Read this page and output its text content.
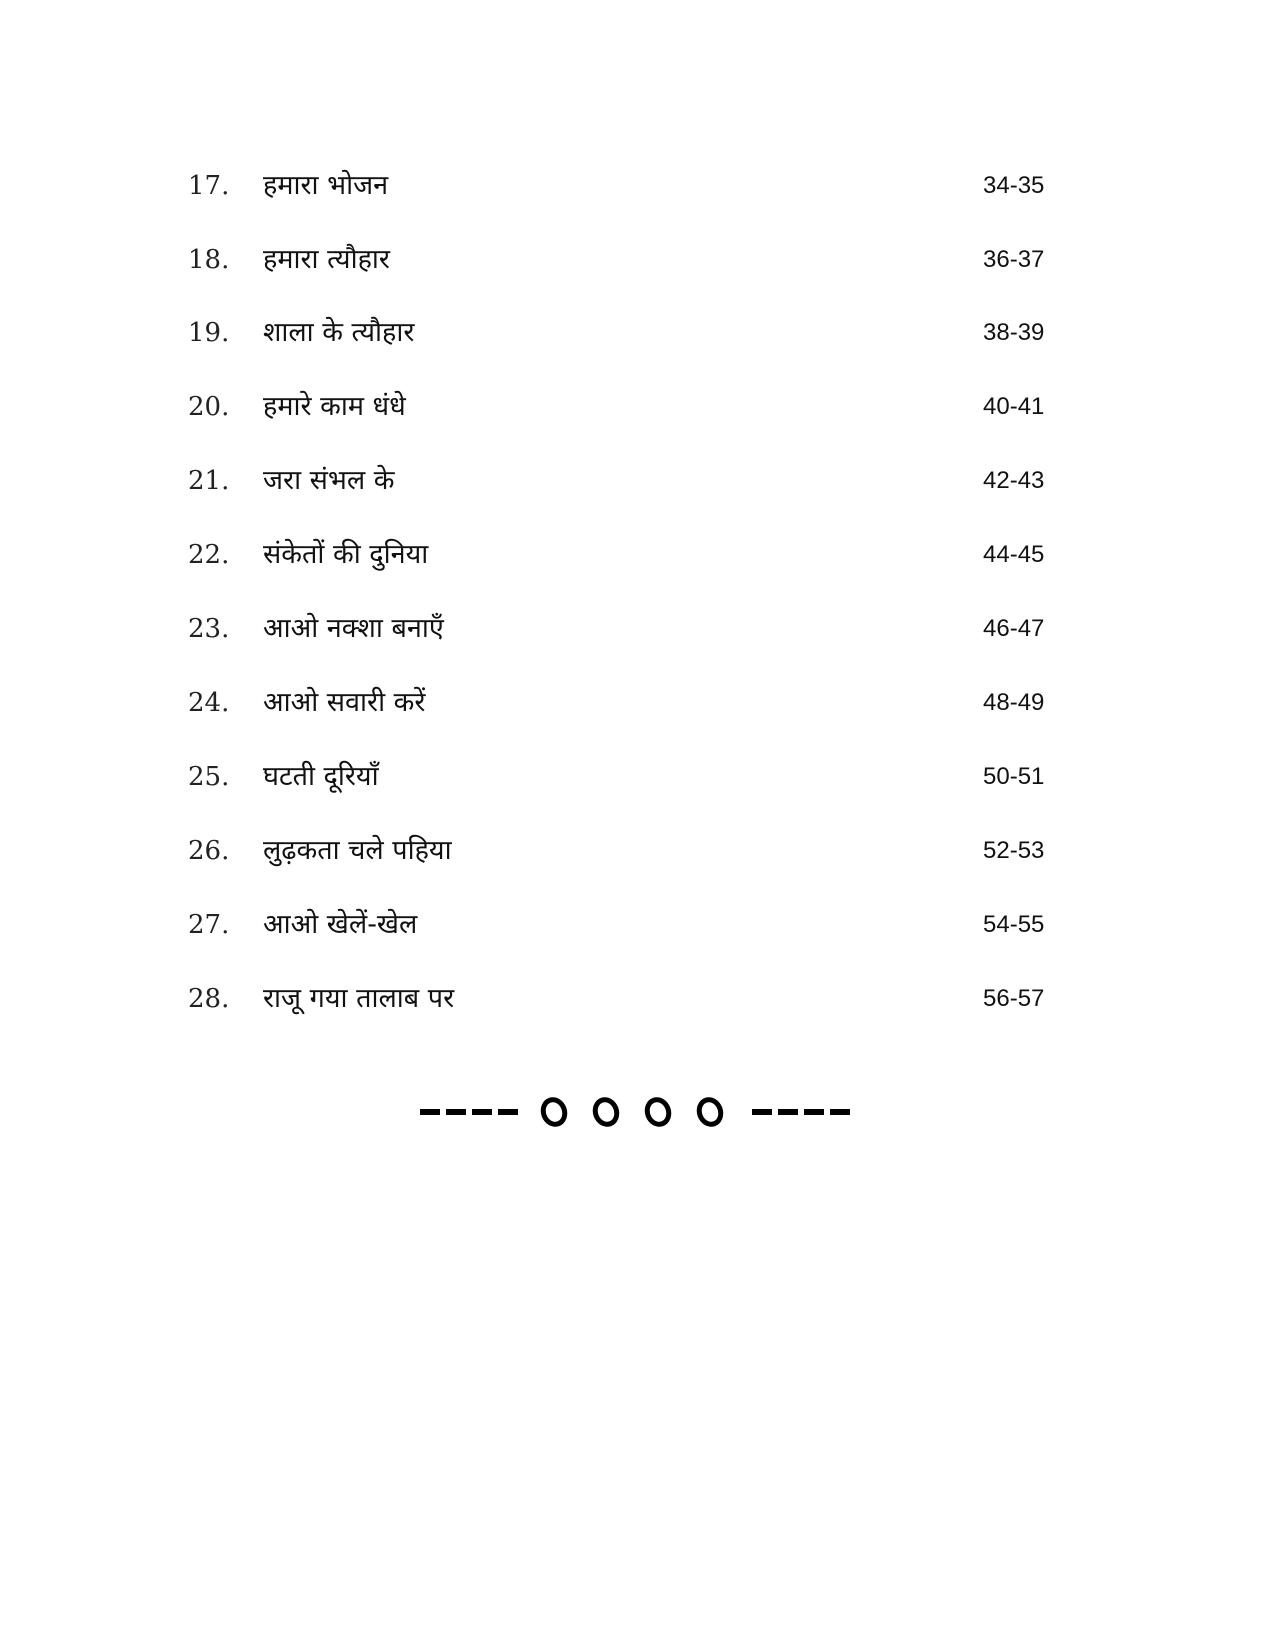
17. हमारा भोजन	34-35
18. हमारा त्यौहार	36-37
19. शाला के त्यौहार	38-39
20. हमारे काम धंधे	40-41
21. जरा संभल के	42-43
22. संकेतों की दुनिया	44-45
23. आओ नक्शा बनाएँ	46-47
24. आओ सवारी करें	48-49
25. घटती दूरियाँ	50-51
26. लुढ़कता चले पहिया	52-53
27. आओ खेलें-खेल	54-55
28. राजू गया तालाब पर	56-57
